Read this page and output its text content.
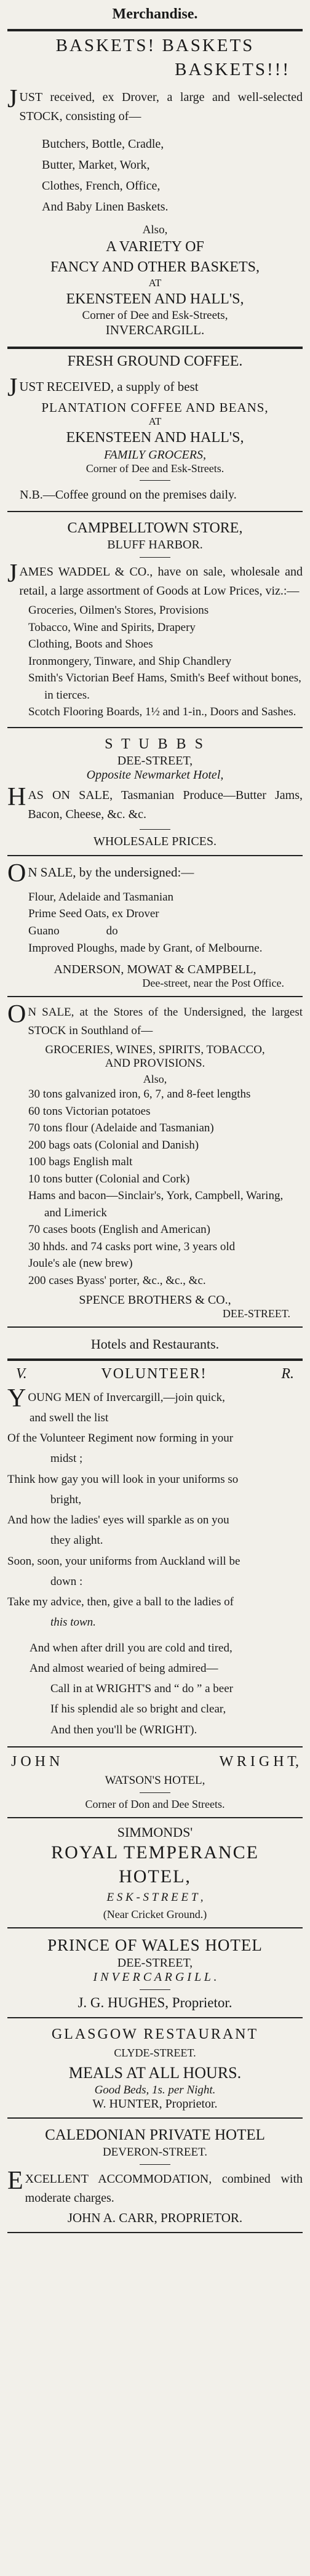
Merchandise.
BASKETS! BASKETS
BASKETS!!!
JUST received, ex Drover, a large and well-selected STOCK, consisting of—
Butchers, Bottle, Cradle,
Butter, Market, Work,
Clothes, French, Office,
And Baby Linen Baskets.
Also,
A VARIETY OF
FANCY AND OTHER BASKETS,
AT
EKENSTEEN AND HALL'S,
Corner of Dee and Esk-Streets,
INVERCARGILL.
FRESH GROUND COFFEE.
JUST RECEIVED, a supply of best
PLANTATION COFFEE AND BEANS,
AT
EKENSTEEN AND HALL'S,
FAMILY GROCERS,
Corner of Dee and Esk-Streets.
N.B.—Coffee ground on the premises daily.
CAMPBELLTOWN STORE,
BLUFF HARBOR.
JAMES WADDEL & CO., have on sale, wholesale and retail, a large assortment of Goods at Low Prices, viz.:—
Groceries, Oilmen's Stores, Provisions
Tobacco, Wine and Spirits, Drapery
Clothing, Boots and Shoes
Ironmongery, Tinware, and Ship Chandlery
Smith's Victorian Beef Hams, Smith's Beef without bones, in tierces.
Scotch Flooring Boards, 1½ and 1-in., Doors and Sashes.
S T U B B S
DEE-STREET,
Opposite Newmarket Hotel,
HAS ON SALE, Tasmanian Produce—Butter Jams, Bacon, Cheese, &c. &c.
WHOLESALE PRICES.
ON SALE, by the undersigned:—
Flour, Adelaide and Tasmanian
Prime Seed Oats, ex Drover
Guano                do
Improved Ploughs, made by Grant, of Melbourne.
ANDERSON, MOWAT & CAMPBELL,
Dee-street, near the Post Office.
ON SALE, at the Stores of the Undersigned, the largest STOCK in Southland of—
GROCERIES, WINES, SPIRITS, TOBACCO,
AND PROVISIONS.
Also,
30 tons galvanized iron, 6, 7, and 8-feet lengths
60 tons Victorian potatoes
70 tons flour (Adelaide and Tasmanian)
200 bags oats (Colonial and Danish)
100 bags English malt
10 tons butter (Colonial and Cork)
Hams and bacon—Sinclair's, York, Campbell, Waring, and Limerick
70 cases boots (English and American)
30 hhds. and 74 casks port wine, 3 years old
Joule's ale (new brew)
200 cases Byass' porter, &c., &c., &c.
SPENCE BROTHERS & CO.,
DEE-STREET.
Hotels and Restaurants.
V.	VOLUNTEER!	R.
YOUNG MEN of Invercargill,—join quick,
and swell the list
Of the Volunteer Regiment now forming in your
midst ;
Think how gay you will look in your uniforms so
bright,
And how the ladies' eyes will sparkle as on you
they alight.
Soon, soon, your uniforms from Auckland will be
down :
Take my advice, then, give a ball to the ladies of
this town.
And when after drill you are cold and tired,
And almost wearied of being admired—
Call in at WRIGHT'S and “ do ” a beer
If his splendid ale so bright and clear,
And then you'll be (WRIGHT).
J O H N	W R I G H T,
WATSON'S HOTEL,
Corner of Don and Dee Streets.
SIMMONDS'
ROYAL TEMPERANCE
HOTEL,
E S K - S T R E E T ,
(Near Cricket Ground.)
PRINCE OF WALES HOTEL
DEE-STREET,
I N V E R C A R G I L L .
J. G. HUGHES, Proprietor.
GLASGOW RESTAURANT
CLYDE-STREET.
MEALS AT ALL HOURS.
Good Beds, 1s. per Night.
W. HUNTER, Proprietor.
CALEDONIAN PRIVATE HOTEL
DEVERON-STREET.
EXCELLENT ACCOMMODATION, combined with moderate charges.
JOHN A. CARR, PROPRIETOR.
